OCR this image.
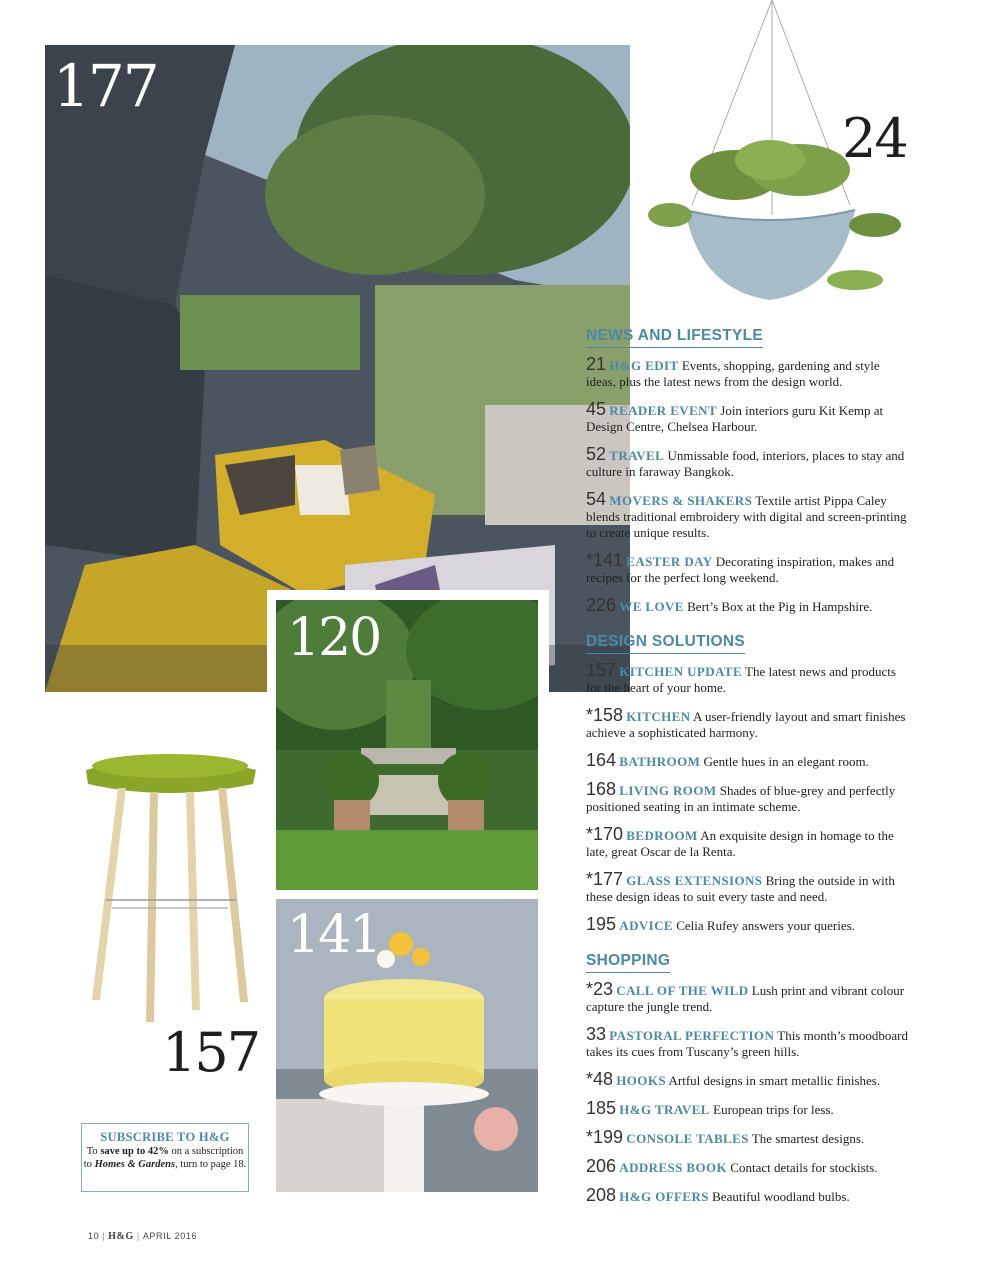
177
24
120
141
157
NEWS AND LIFESTYLE
21 H&G EDIT Events, shopping, gardening and style ideas, plus the latest news from the design world.
45 READER EVENT Join interiors guru Kit Kemp at Design Centre, Chelsea Harbour.
52 TRAVEL Unmissable food, interiors, places to stay and culture in faraway Bangkok.
54 MOVERS & SHAKERS Textile artist Pippa Caley blends traditional embroidery with digital and screen-printing to create unique results.
*141 EASTER DAY Decorating inspiration, makes and recipes for the perfect long weekend.
226 WE LOVE Bert’s Box at the Pig in Hampshire.
DESIGN SOLUTIONS
157 KITCHEN UPDATE The latest news and products for the heart of your home.
*158 KITCHEN A user-friendly layout and smart finishes achieve a sophisticated harmony.
164 BATHROOM Gentle hues in an elegant room.
168 LIVING ROOM Shades of blue-grey and perfectly positioned seating in an intimate scheme.
*170 BEDROOM An exquisite design in homage to the late, great Oscar de la Renta.
*177 GLASS EXTENSIONS Bring the outside in with these design ideas to suit every taste and need.
195 ADVICE Celia Rufey answers your queries.
SHOPPING
*23 CALL OF THE WILD Lush print and vibrant colour capture the jungle trend.
33 PASTORAL PERFECTION This month’s moodboard takes its cues from Tuscany’s green hills.
*48 HOOKS Artful designs in smart metallic finishes.
185 H&G TRAVEL European trips for less.
*199 CONSOLE TABLES The smartest designs.
206 ADDRESS BOOK Contact details for stockists.
208 H&G OFFERS Beautiful woodland bulbs.
SUBSCRIBE TO H&G
To save up to 42% on a subscription to Homes & Gardens, turn to page 18.
10 | H&G | APRIL 2016
